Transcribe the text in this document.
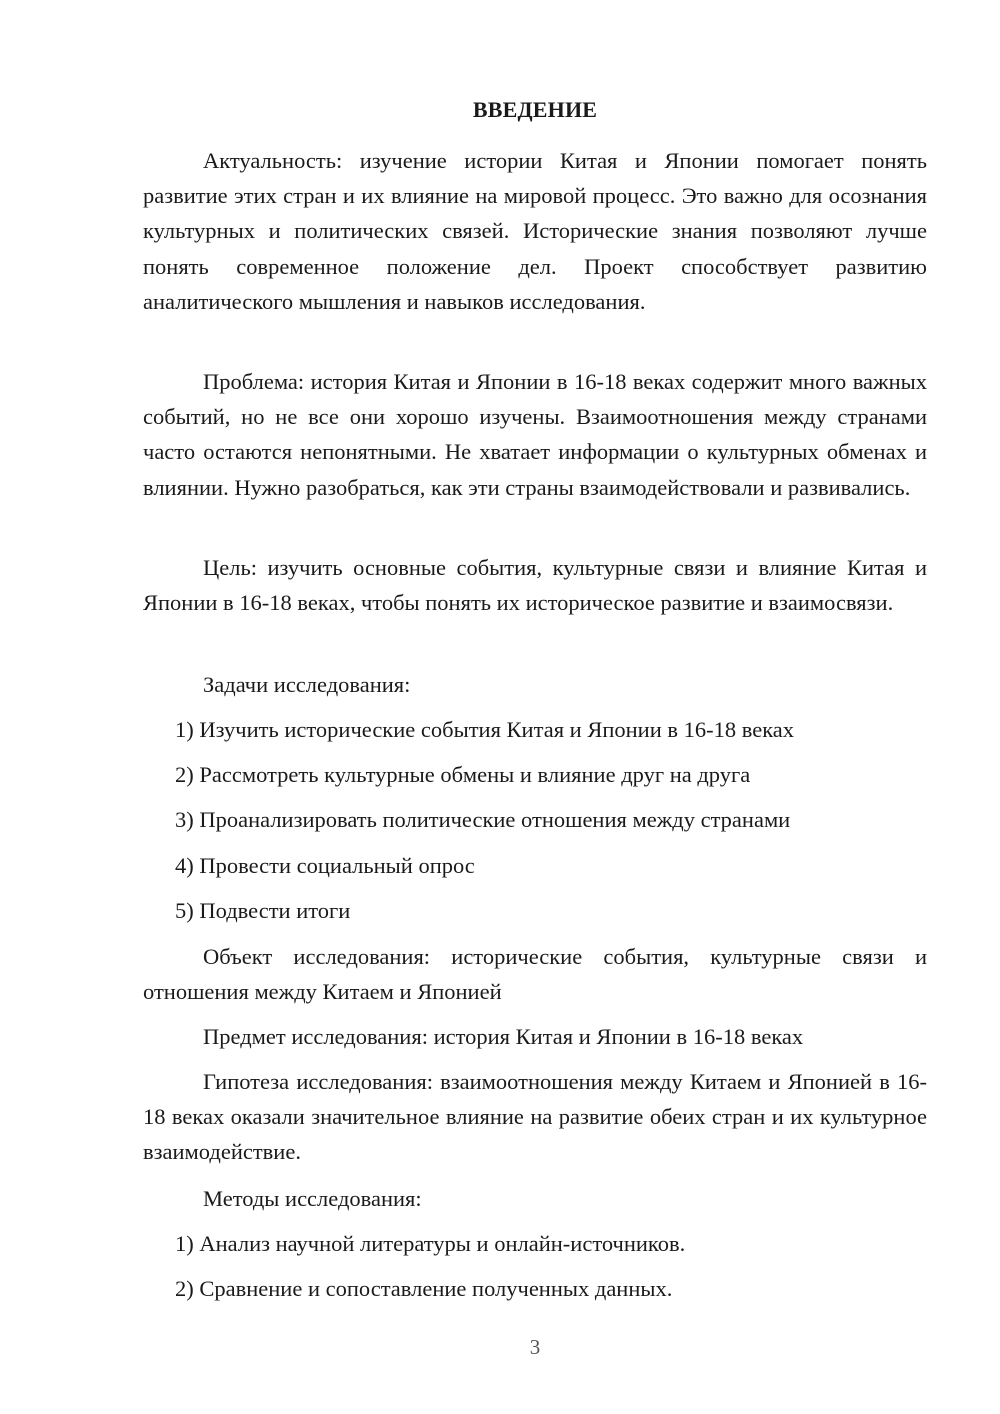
ВВЕДЕНИЕ

Актуальность: изучение истории Китая и Японии помогает понять развитие этих стран и их влияние на мировой процесс. Это важно для осознания культурных и политических связей. Исторические знания позволяют лучше понять современное положение дел. Проект способствует развитию аналитического мышления и навыков исследования.

Проблема: история Китая и Японии в 16-18 веках содержит много важных событий, но не все они хорошо изучены. Взаимоотношения между странами часто остаются непонятными. Не хватает информации о культурных обменах и влиянии. Нужно разобраться, как эти страны взаимодействовали и развивались.

Цель: изучить основные события, культурные связи и влияние Китая и Японии в 16-18 веках, чтобы понять их историческое развитие и взаимосвязи.

Задачи исследования:

1) Изучить исторические события Китая и Японии в 16-18 веках

2) Рассмотреть культурные обмены и влияние друг на друга

3) Проанализировать политические отношения между странами

4) Провести социальный опрос

5) Подвести итоги

Объект исследования: исторические события, культурные связи и отношения между Китаем и Японией

Предмет исследования: история Китая и Японии в 16-18 веках

Гипотеза исследования: взаимоотношения между Китаем и Японией в 16-18 веках оказали значительное влияние на развитие обеих стран и их культурное взаимодействие.

Методы исследования:

1) Анализ научной литературы и онлайн-источников.

2) Сравнение и сопоставление полученных данных.

3
